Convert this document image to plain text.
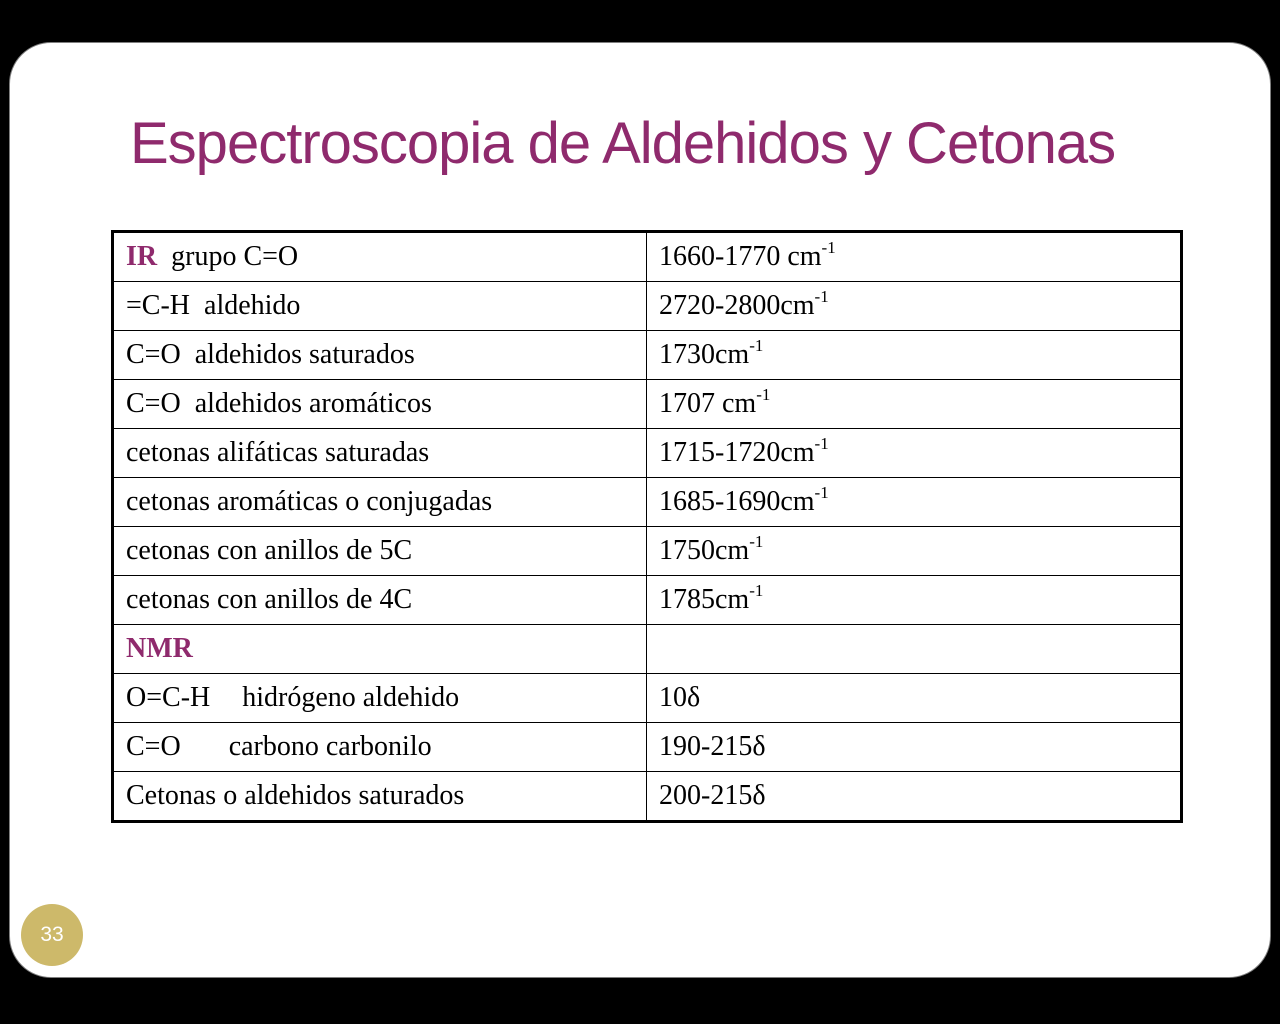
Espectroscopia de Aldehidos y Cetonas
IR grupo C=O	1660-1770 $cm^{-1}$
=C-H  aldehido	$2720-2800cm^{-1}$
C=O  aldehidos saturados	$1730cm^{-1}$
C=O  aldehidos aromáticos	1707 $cm^{-1}$
cetonas alifáticas saturadas	$1715-1720cm^{-1}$
cetonas aromáticas o conjugadas	$1685-1690cm^{-1}$
cetonas con anillos de 5C	$1750cm^{-1}$
cetonas con anillos de 4C	$1785cm^{-1}$
NMR	
O=C-H hidrógeno aldehido	10δ
C=O carbono carbonilo	190-215δ
Cetonas o aldehidos saturados	200-215δ
33
